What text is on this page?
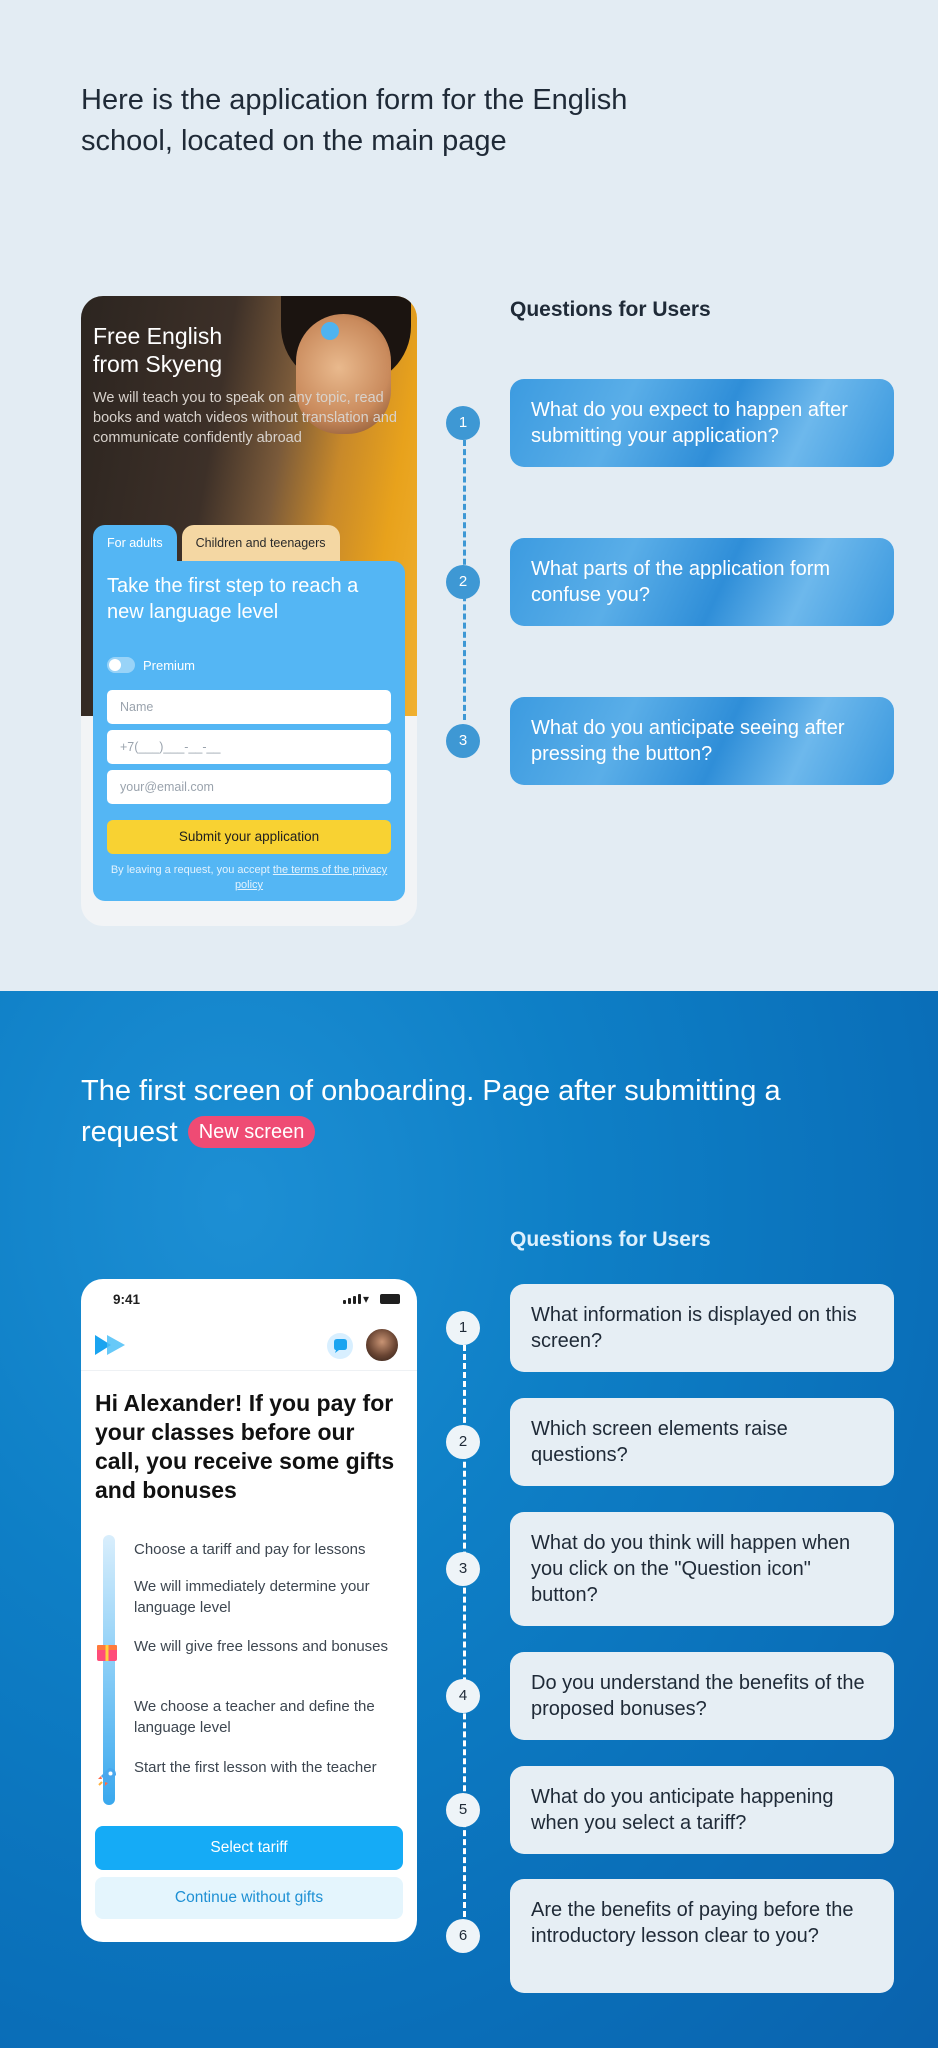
Here is the application form for the English school, located on the main page
Free English
from Skyeng
We will teach you to speak on any topic, read books and watch videos without translation and communicate confidently abroad
For adults	Children and teenagers
Take the first step to reach a new language level
Premium
Name
+7(___)___-__-__
your@email.com
Submit your application
By leaving a request, you accept the terms of the privacy policy
Questions for Users
1
2
3
What do you expect to happen after submitting your application?
What parts of the application form confuse you?
What do you anticipate seeing after pressing the button?
The first screen of onboarding. Page after submitting a request New screen
Questions for Users
9:41	▾
Hi Alexander! If you pay for your classes before our call, you receive some gifts and bonuses
Choose a tariff and pay for lessons
We will immediately determine your language level
We will give free lessons and bonuses
We choose a teacher and define the language level
Start the first lesson with the teacher
Select tariff
Continue without gifts
1
2
3
4
5
6
What information is displayed on this screen?
Which screen elements raise questions?
What do you think will happen when you click on the "Question icon" button?
Do you understand the benefits of the proposed bonuses?
What do you anticipate happening when you select a tariff?
Are the benefits of paying before the introductory lesson clear to you?
